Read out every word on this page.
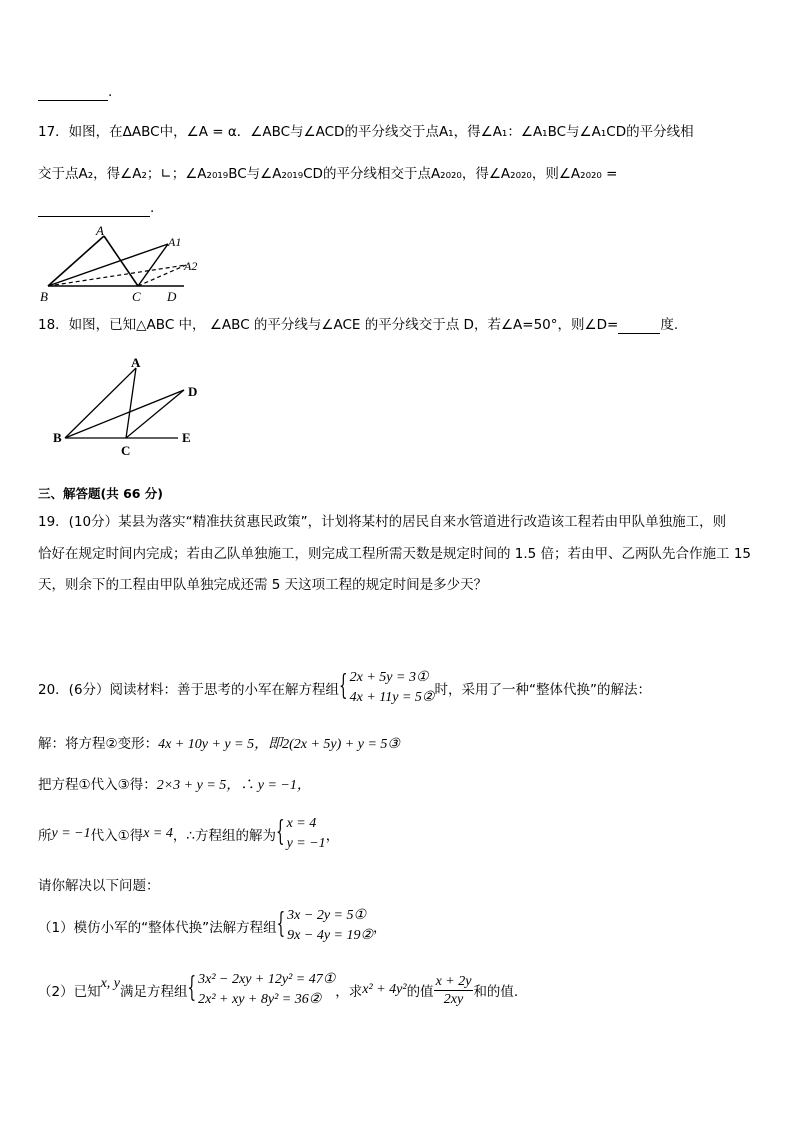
.
17．如图，在ΔABC中，∠A = α．∠ABC与∠ACD的平分线交于点A₁，得∠A₁：∠A₁BC与∠A₁CD的平分线相
交于点A₂，得∠A₂；∟；∠A₂₀₁₉BC与∠A₂₀₁₉CD的平分线相交于点A₂₀₂₀，得∠A₂₀₂₀，则∠A₂₀₂₀ =
.
A
A1
A2
B	C D
18．如图，已知△ABC 中， ∠ABC 的平分线与∠ACE 的平分线交于点 D，若∠A=50°，则∠D=	度.
A
D
B	E
C
三、解答题(共 66 分)
19．(10分）某县为落实“精准扶贫惠民政策”，计划将某村的居民自来水管道进行改造该工程若由甲队单独施工，则
恰好在规定时间内完成；若由乙队单独施工，则完成工程所需天数是规定时间的 1.5 倍；若由甲、乙两队先合作施工 15
天，则余下的工程由甲队单独完成还需 5 天这项工程的规定时间是多少天？
20．(6分）阅读材料：善于思考的小军在解方程组 { 2x + 5y = 3①
4x + 11y = 5② 时，采用了一种“整体代换”的解法：
解：将方程②变形：4x + 10y + y = 5，即2(2x + 5y) + y = 5③
把方程①代入③得：2×3 + y = 5，∴ y = −1，
所 y = −1 代入①得 x = 4 ，∴方程组的解为 { x = 4
y = −1 ，
请你解决以下问题：
（1）模仿小军的“整体代换”法解方程组 { 3x − 2y = 5①
9x − 4y = 19② ，
（2）已知
x, y
满足方程组 { 3x² − 2xy + 12y² = 47①
2x² + xy + 8y² = 36②	，求 x² + 4y² 的值 $\frac{x + 2y}{2xy}$ 和的值.
